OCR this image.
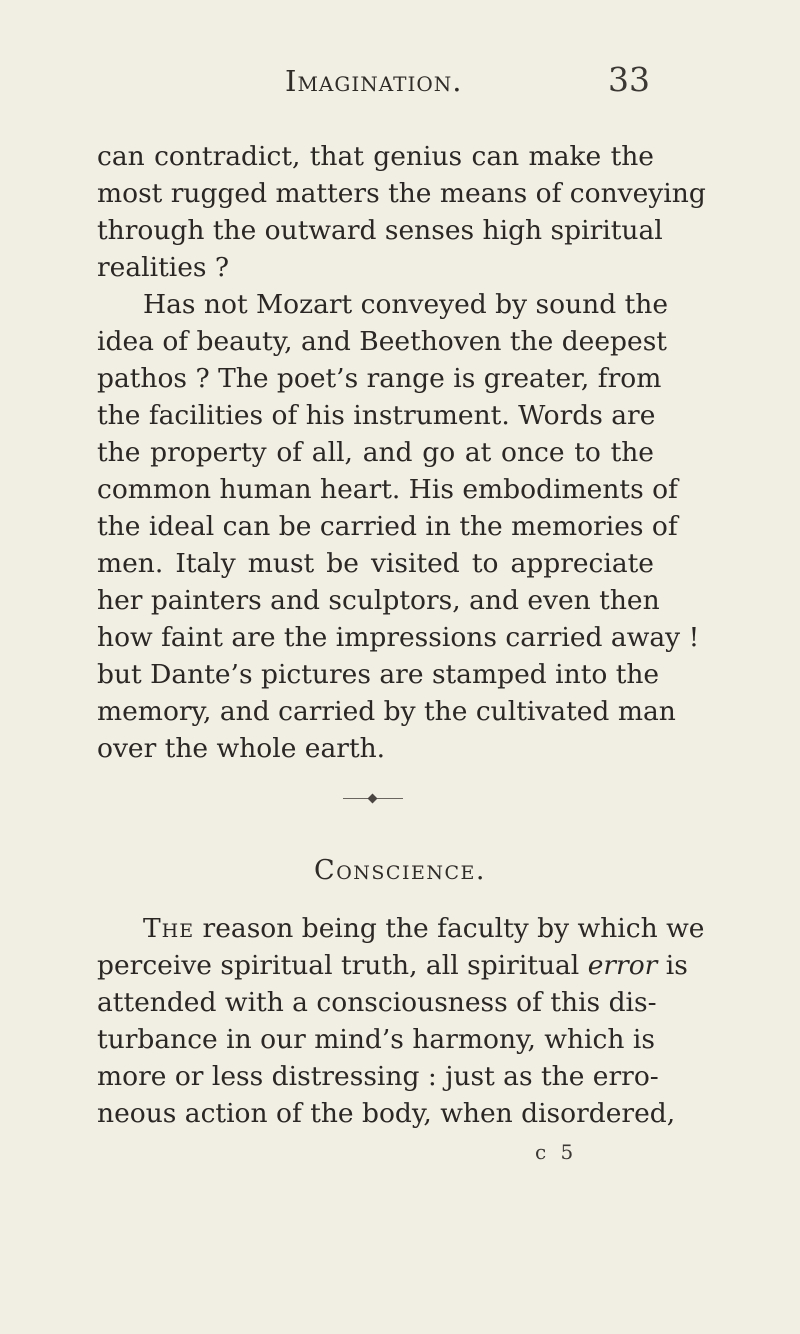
Imagination.	33
can contradict, that genius can make the
most rugged matters the means of conveying
through the outward senses high spiritual
realities ?
Has not Mozart conveyed by sound the
idea of beauty, and Beethoven the deepest
pathos ? The poet’s range is greater, from
the facilities of his instrument. Words are
the property of all, and go at once to the
common human heart. His embodiments of
the ideal can be carried in the memories of
men. Italy must be visited to appreciate
her painters and sculptors, and even then
how faint are the impressions carried away !
but Dante’s pictures are stamped into the
memory, and carried by the cultivated man
over the whole earth.
Conscience.
The reason being the faculty by which we
perceive spiritual truth, all spiritual error is
attended with a consciousness of this dis-
turbance in our mind’s harmony, which is
more or less distressing : just as the erro-
neous action of the body, when disordered,
c 5
